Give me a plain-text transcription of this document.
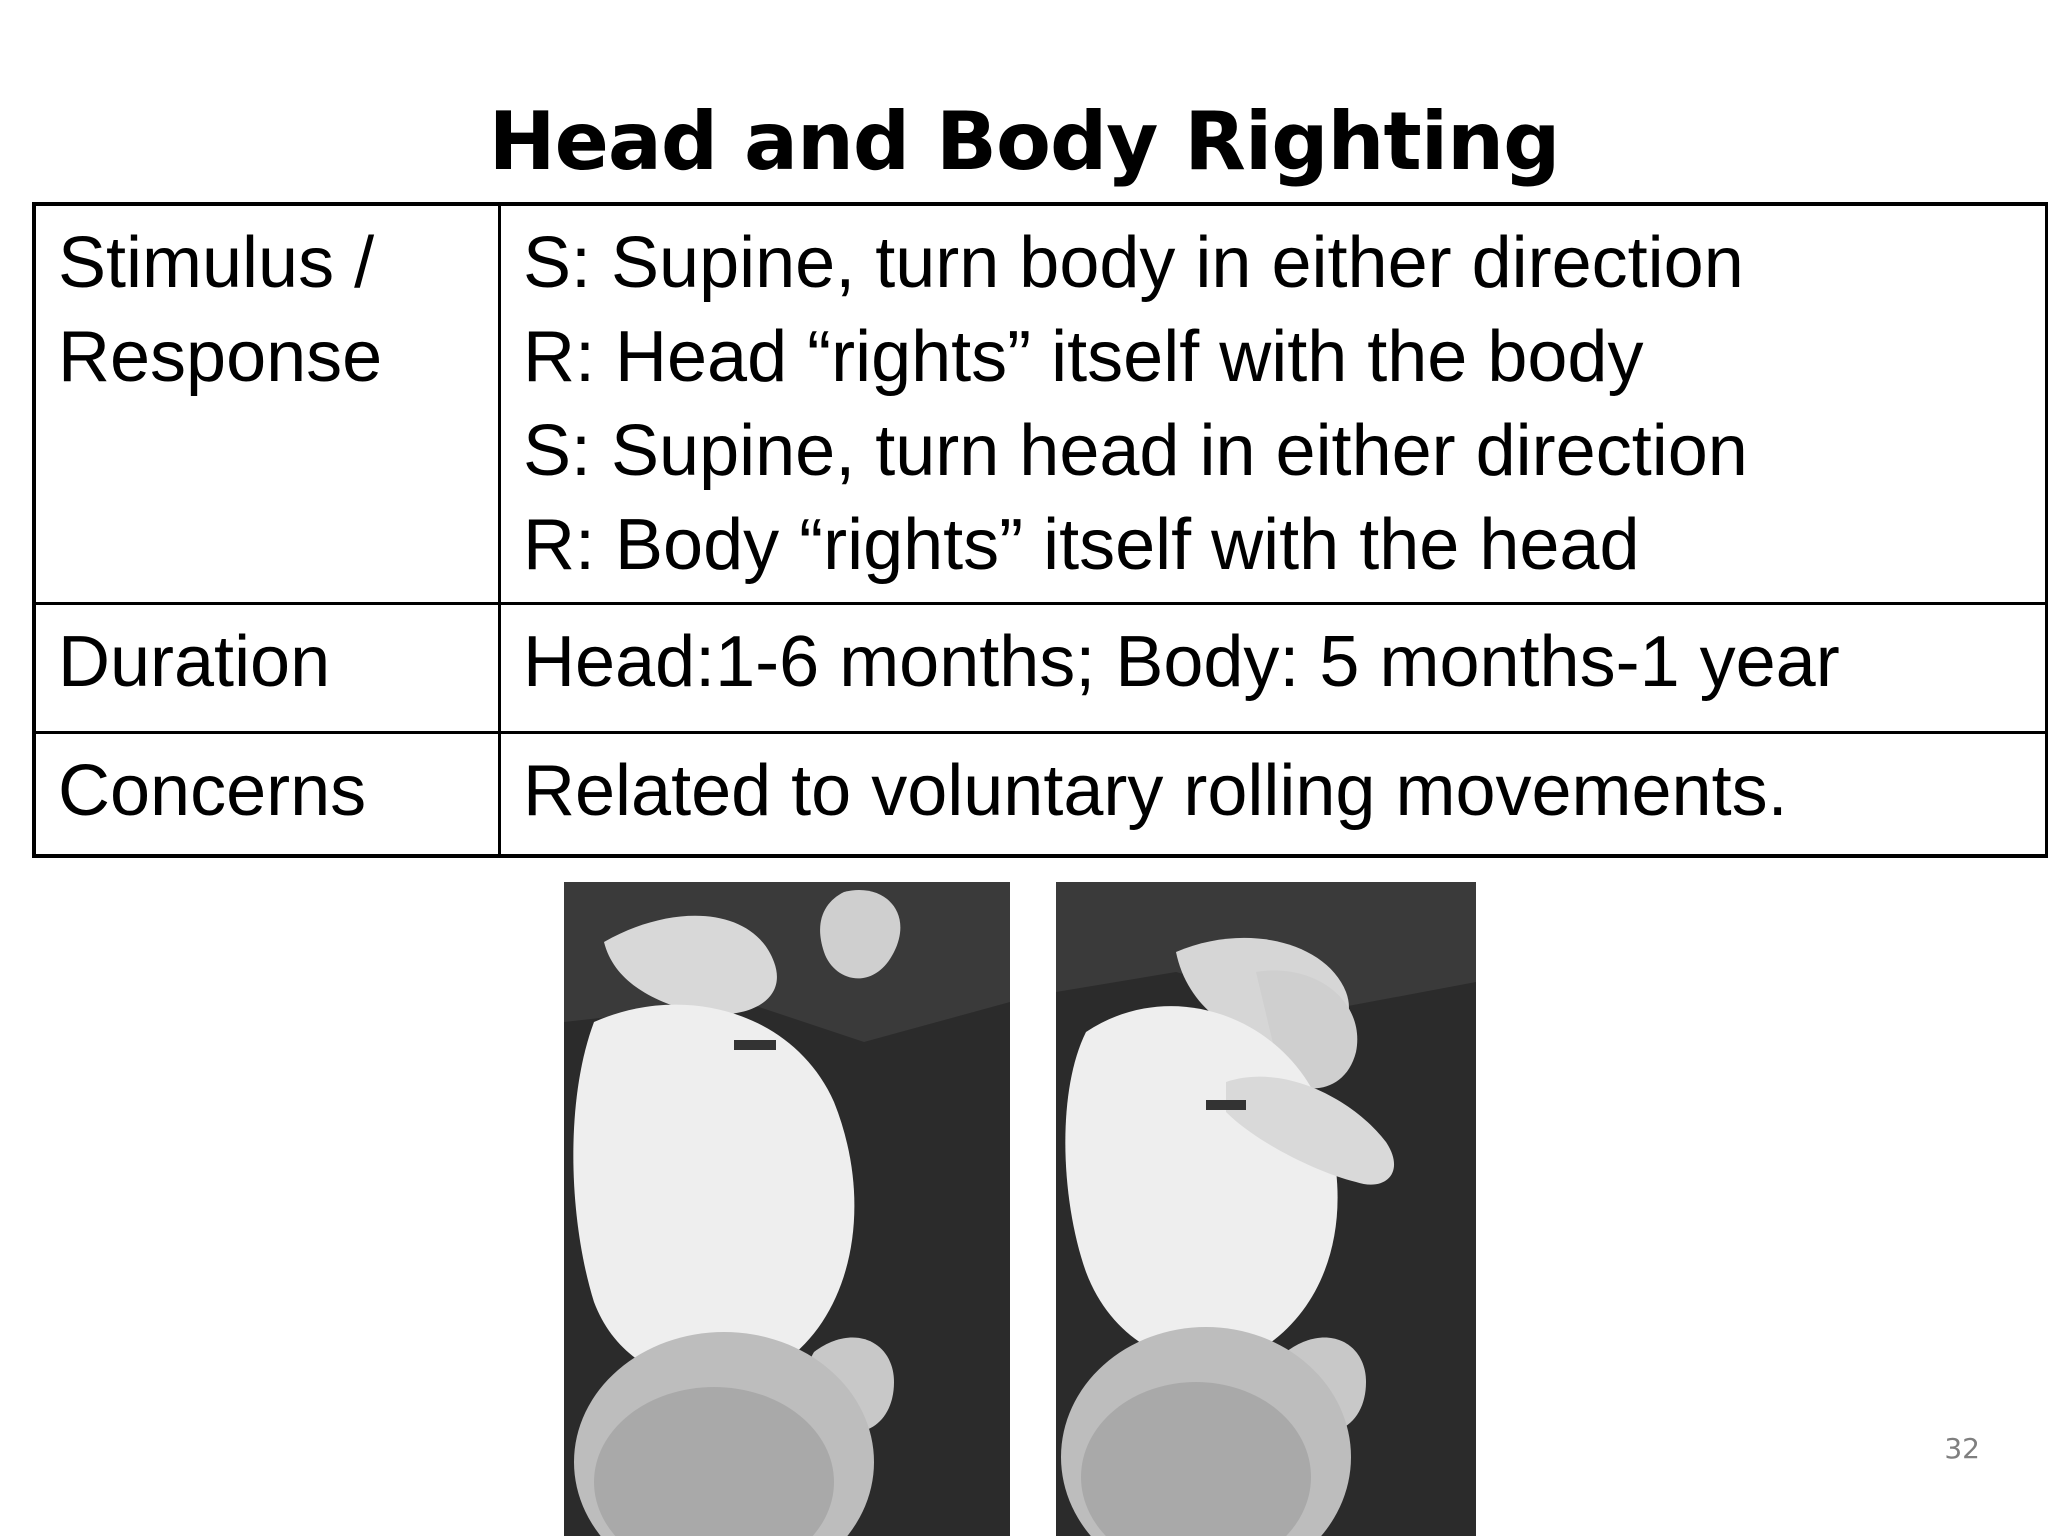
Head and Body Righting
Stimulus /
Response	S: Supine, turn body in either direction
R: Head “rights” itself with the body
S: Supine, turn head in either direction
R: Body “rights” itself with the head

Duration	Head:1-6 months; Body: 5 months-1 year

Concerns	Related to voluntary rolling movements.
32
